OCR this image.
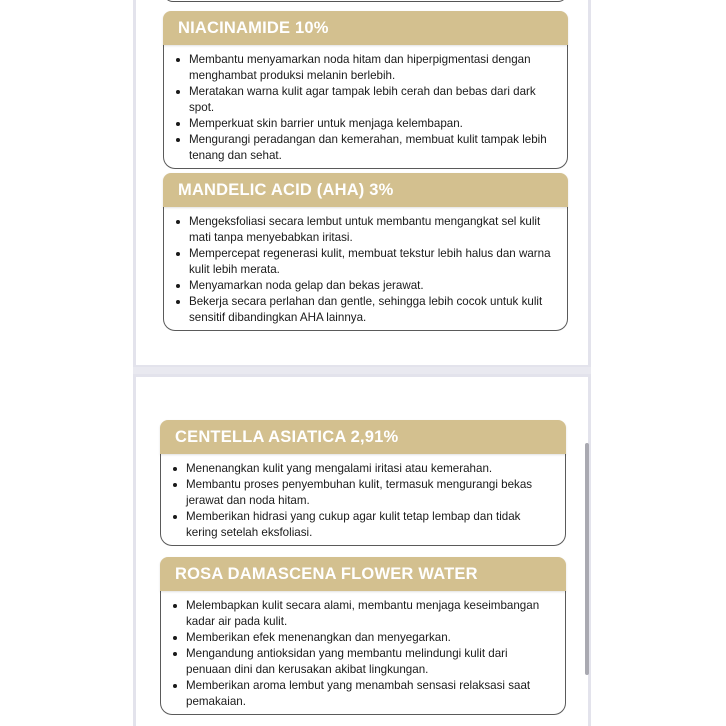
NIACINAMIDE 10%
Membantu menyamarkan noda hitam dan hiperpigmentasi dengan menghambat produksi melanin berlebih.
Meratakan warna kulit agar tampak lebih cerah dan bebas dari dark spot.
Memperkuat skin barrier untuk menjaga kelembapan.
Mengurangi peradangan dan kemerahan, membuat kulit tampak lebih tenang dan sehat.
MANDELIC ACID (AHA) 3%
Mengeksfoliasi secara lembut untuk membantu mengangkat sel kulit mati tanpa menyebabkan iritasi.
Mempercepat regenerasi kulit, membuat tekstur lebih halus dan warna kulit lebih merata.
Menyamarkan noda gelap dan bekas jerawat.
Bekerja secara perlahan dan gentle, sehingga lebih cocok untuk kulit sensitif dibandingkan AHA lainnya.
CENTELLA ASIATICA 2,91%
Menenangkan kulit yang mengalami iritasi atau kemerahan.
Membantu proses penyembuhan kulit, termasuk mengurangi bekas jerawat dan noda hitam.
Memberikan hidrasi yang cukup agar kulit tetap lembap dan tidak kering setelah eksfoliasi.
ROSA DAMASCENA FLOWER WATER
Melembapkan kulit secara alami, membantu menjaga keseimbangan kadar air pada kulit.
Memberikan efek menenangkan dan menyegarkan.
Mengandung antioksidan yang membantu melindungi kulit dari penuaan dini dan kerusakan akibat lingkungan.
Memberikan aroma lembut yang menambah sensasi relaksasi saat pemakaian.
